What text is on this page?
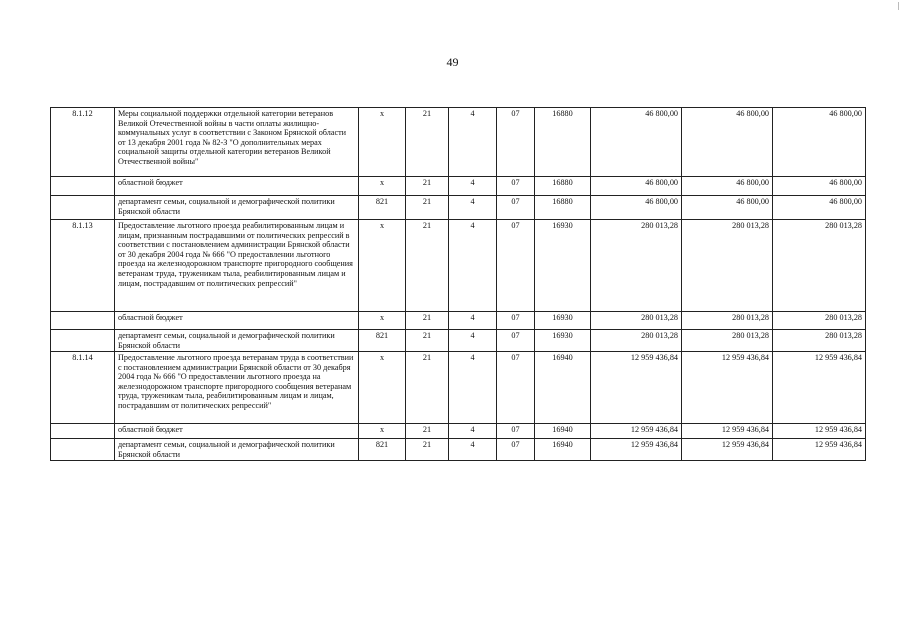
49
8.1.12	Меры социальной поддержки отдельной категории ветеранов Великой Отечественной войны в части оплаты жилищно-коммунальных услуг в соответствии с Законом Брянской области от 13 декабря 2001 года № 82-З "О дополнительных мерах социальной защиты отдельной категории ветеранов Великой Отечественной войны"	х	21	4	07	16880	46 800,00	46 800,00	46 800,00
	областной бюджет	х	21	4	07	16880	46 800,00	46 800,00	46 800,00
	департамент семьи, социальной и демографической политики Брянской области	821	21	4	07	16880	46 800,00	46 800,00	46 800,00
8.1.13	Предоставление льготного проезда реабилитированным лицам и лицам, признанным пострадавшими от политических репрессий в соответствии с постановлением администрации Брянской области от 30 декабря 2004 года № 666 "О предоставлении льготного проезда на железнодорожном транспорте пригородного сообщения ветеранам труда, труженикам тыла, реабилитированным лицам и лицам, пострадавшим от политических репрессий"	х	21	4	07	16930	280 013,28	280 013,28	280 013,28
	областной бюджет	х	21	4	07	16930	280 013,28	280 013,28	280 013,28
	департамент семьи, социальной и демографической политики Брянской области	821	21	4	07	16930	280 013,28	280 013,28	280 013,28
8.1.14	Предоставление льготного проезда ветеранам труда в соответствии с постановлением администрации Брянской области от 30 декабря 2004 года № 666 "О предоставлении льготного проезда на железнодорожном транспорте пригородного сообщения ветеранам труда, труженикам тыла, реабилитированным лицам и лицам, пострадавшим от политических репрессий"	х	21	4	07	16940	12 959 436,84	12 959 436,84	12 959 436,84
	областной бюджет	х	21	4	07	16940	12 959 436,84	12 959 436,84	12 959 436,84
	департамент семьи, социальной и демографической политики Брянской области	821	21	4	07	16940	12 959 436,84	12 959 436,84	12 959 436,84
